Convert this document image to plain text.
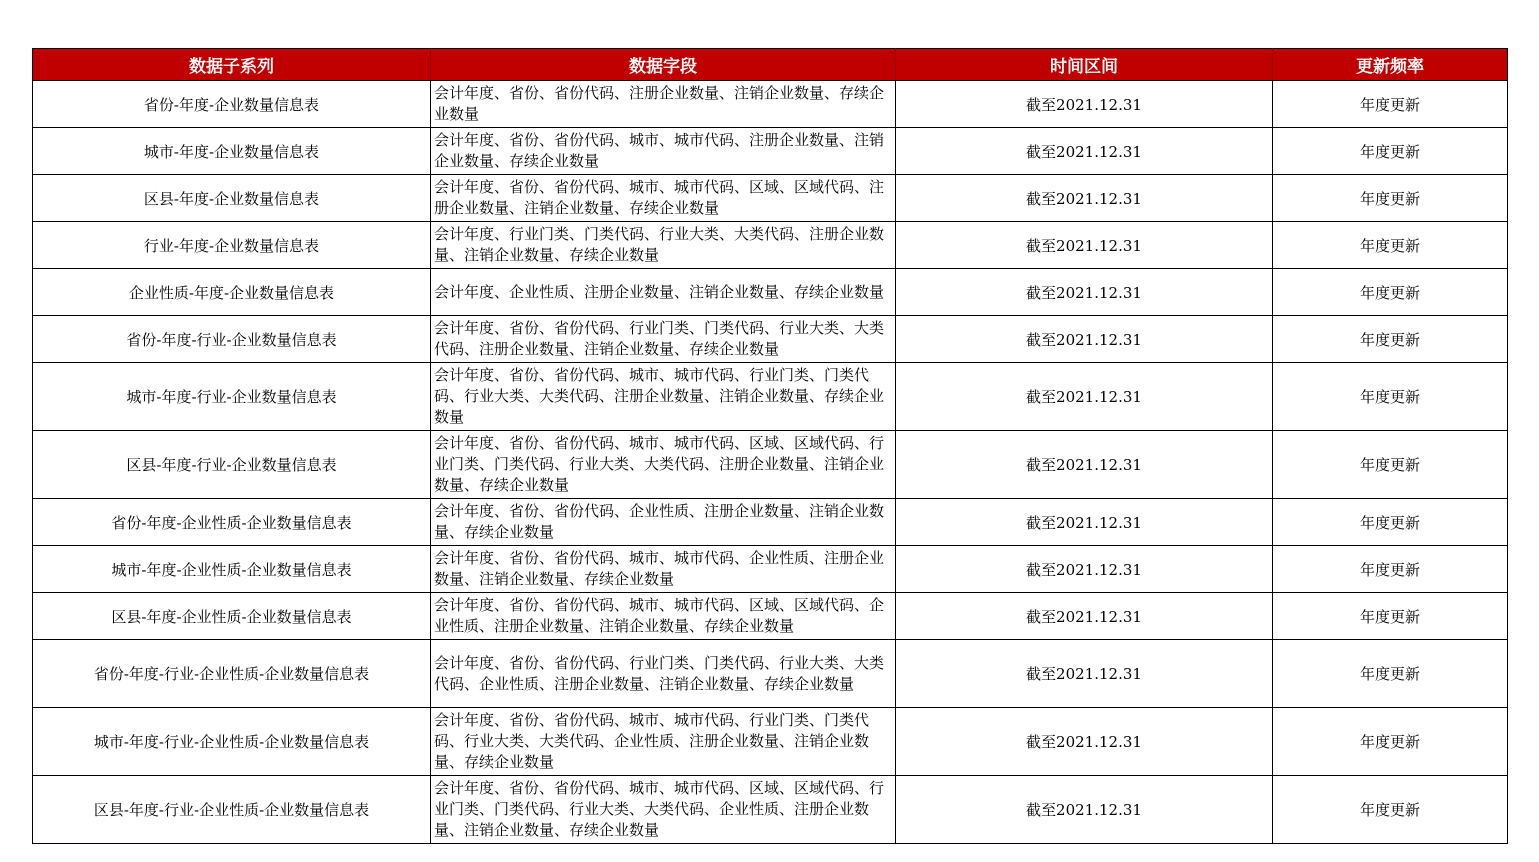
数据子系列	数据字段	时间区间	更新频率
省份-年度-企业数量信息表	会计年度、省份、省份代码、注册企业数量、注销企业数量、存续企业数量	截至2021.12.31	年度更新
城市-年度-企业数量信息表	会计年度、省份、省份代码、城市、城市代码、注册企业数量、注销企业数量、存续企业数量	截至2021.12.31	年度更新
区县-年度-企业数量信息表	会计年度、省份、省份代码、城市、城市代码、区域、区域代码、注册企业数量、注销企业数量、存续企业数量	截至2021.12.31	年度更新
行业-年度-企业数量信息表	会计年度、行业门类、门类代码、行业大类、大类代码、注册企业数量、注销企业数量、存续企业数量	截至2021.12.31	年度更新
企业性质-年度-企业数量信息表	会计年度、企业性质、注册企业数量、注销企业数量、存续企业数量	截至2021.12.31	年度更新
省份-年度-行业-企业数量信息表	会计年度、省份、省份代码、行业门类、门类代码、行业大类、大类代码、注册企业数量、注销企业数量、存续企业数量	截至2021.12.31	年度更新
城市-年度-行业-企业数量信息表	会计年度、省份、省份代码、城市、城市代码、行业门类、门类代码、行业大类、大类代码、注册企业数量、注销企业数量、存续企业数量	截至2021.12.31	年度更新
区县-年度-行业-企业数量信息表	会计年度、省份、省份代码、城市、城市代码、区域、区域代码、行业门类、门类代码、行业大类、大类代码、注册企业数量、注销企业数量、存续企业数量	截至2021.12.31	年度更新
省份-年度-企业性质-企业数量信息表	会计年度、省份、省份代码、企业性质、注册企业数量、注销企业数量、存续企业数量	截至2021.12.31	年度更新
城市-年度-企业性质-企业数量信息表	会计年度、省份、省份代码、城市、城市代码、企业性质、注册企业数量、注销企业数量、存续企业数量	截至2021.12.31	年度更新
区县-年度-企业性质-企业数量信息表	会计年度、省份、省份代码、城市、城市代码、区域、区域代码、企业性质、注册企业数量、注销企业数量、存续企业数量	截至2021.12.31	年度更新
省份-年度-行业-企业性质-企业数量信息表	会计年度、省份、省份代码、行业门类、门类代码、行业大类、大类代码、企业性质、注册企业数量、注销企业数量、存续企业数量	截至2021.12.31	年度更新
城市-年度-行业-企业性质-企业数量信息表	会计年度、省份、省份代码、城市、城市代码、行业门类、门类代码、行业大类、大类代码、企业性质、注册企业数量、注销企业数量、存续企业数量	截至2021.12.31	年度更新
区县-年度-行业-企业性质-企业数量信息表	会计年度、省份、省份代码、城市、城市代码、区域、区域代码、行业门类、门类代码、行业大类、大类代码、企业性质、注册企业数量、注销企业数量、存续企业数量	截至2021.12.31	年度更新
